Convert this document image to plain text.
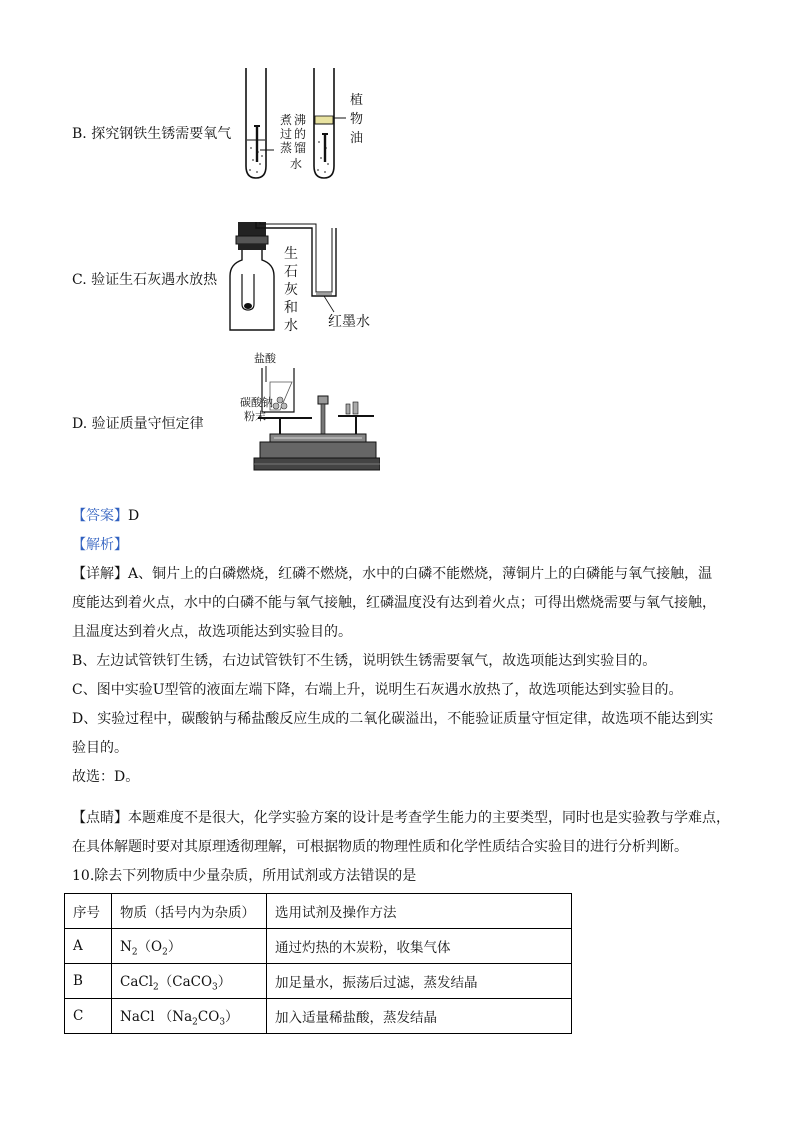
B. 探究钢铁生锈需要氧气
煮
过
蒸
水
沸
的
馏
植
物
油
C. 验证生石灰遇水放热
生
石
灰
和
水 红墨水
D. 验证质量守恒定律
盐酸
碳酸钠
粉末
【答案】D
【解析】
【详解】A、铜片上的白磷燃烧，红磷不燃烧，水中的白磷不能燃烧，薄铜片上的白磷能与氧气接触，温
度能达到着火点，水中的白磷不能与氧气接触，红磷温度没有达到着火点；可得出燃烧需要与氧气接触，
且温度达到着火点，故选项能达到实验目的。
B、左边试管铁钉生锈，右边试管铁钉不生锈，说明铁生锈需要氧气，故选项能达到实验目的。
C、图中实验U型管的液面左端下降，右端上升，说明生石灰遇水放热了，故选项能达到实验目的。
D、实验过程中，碳酸钠与稀盐酸反应生成的二氧化碳溢出，不能验证质量守恒定律，故选项不能达到实
验目的。
故选：D。
【点睛】本题难度不是很大，化学实验方案的设计是考查学生能力的主要类型，同时也是实验教与学难点，
在具体解题时要对其原理透彻理解，可根据物质的物理性质和化学性质结合实验目的进行分析判断。
10.除去下列物质中少量杂质，所用试剂或方法错误的是
序号	物质（括号内为杂质）	选用试剂及操作方法
A	$N_2(O_2)$	通过灼热的木炭粉，收集气体
B	CaCl$_2$（CaCO$_3$）	加足量水，振荡后过滤，蒸发结晶
C	NaCl $(Na_2CO_3)$	加入适量稀盐酸，蒸发结晶
